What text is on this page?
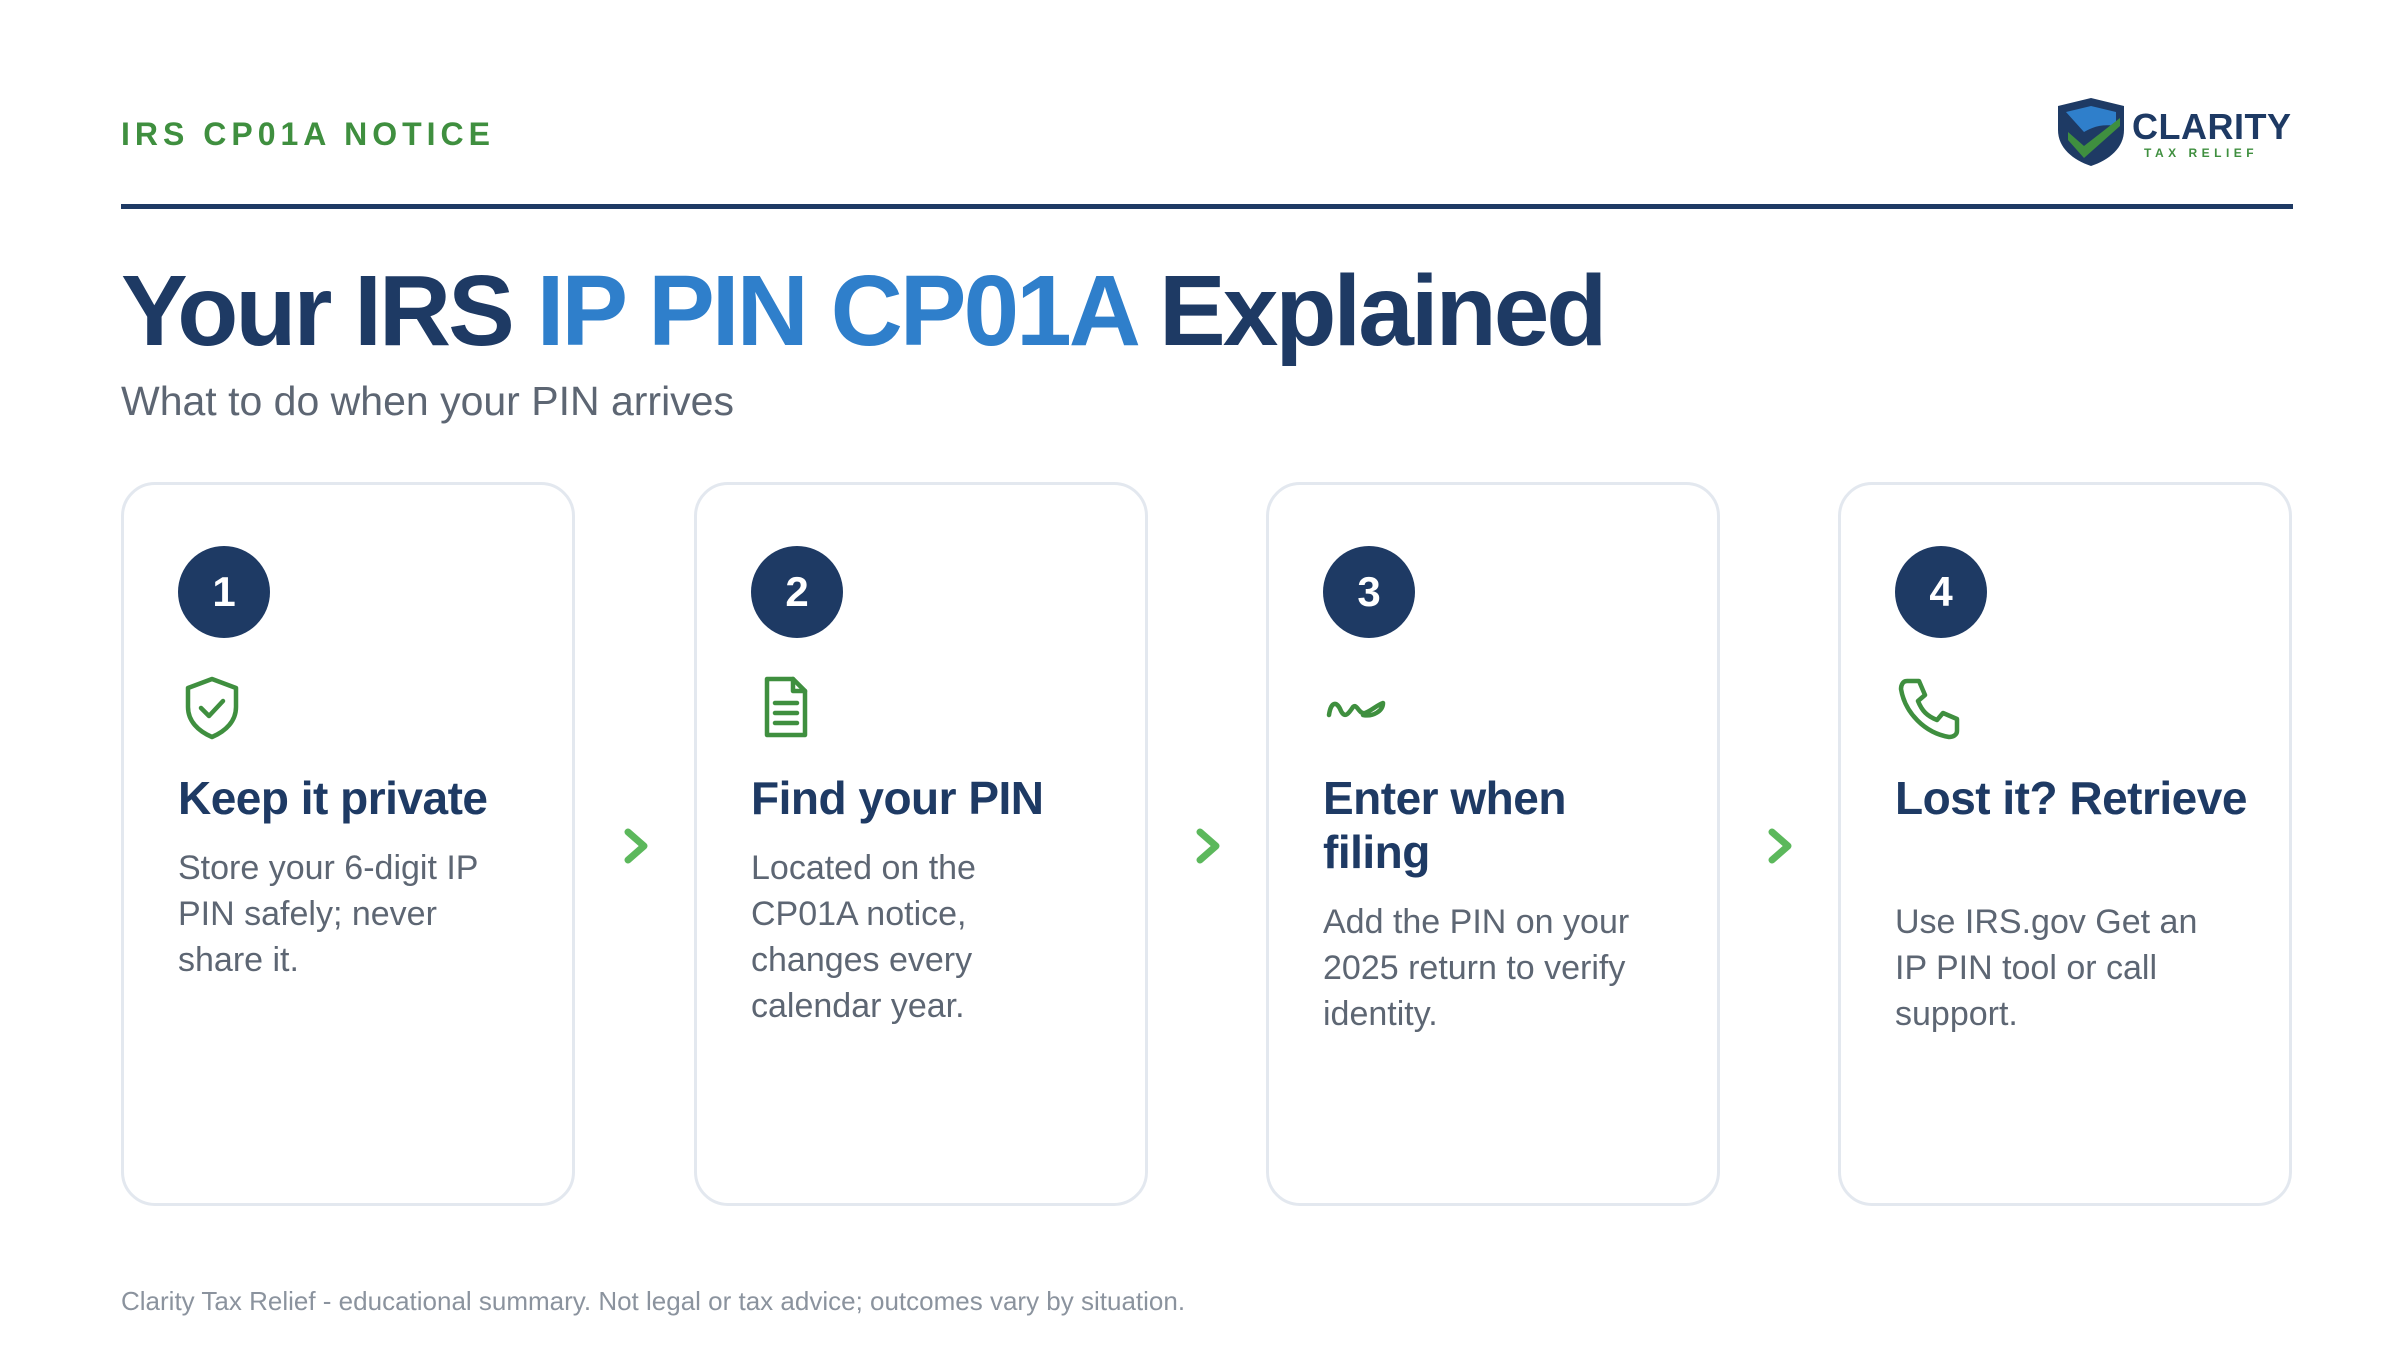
IRS CP01A NOTICE	CLARITY
TAX RELIEF
Your IRS IP PIN CP01A Explained
What to do when your PIN arrives
1
Keep it private

Store your 6-digit IP PIN safely; never share it.

2
Find your PIN

Located on the CP01A notice, changes every calendar year.

3
Enter when filing

Add the PIN on your 2025 return to verify identity.

4
Lost it? Retrieve

Use IRS.gov Get an IP PIN tool or call support.

Clarity Tax Relief - educational summary. Not legal or tax advice; outcomes vary by situation.
